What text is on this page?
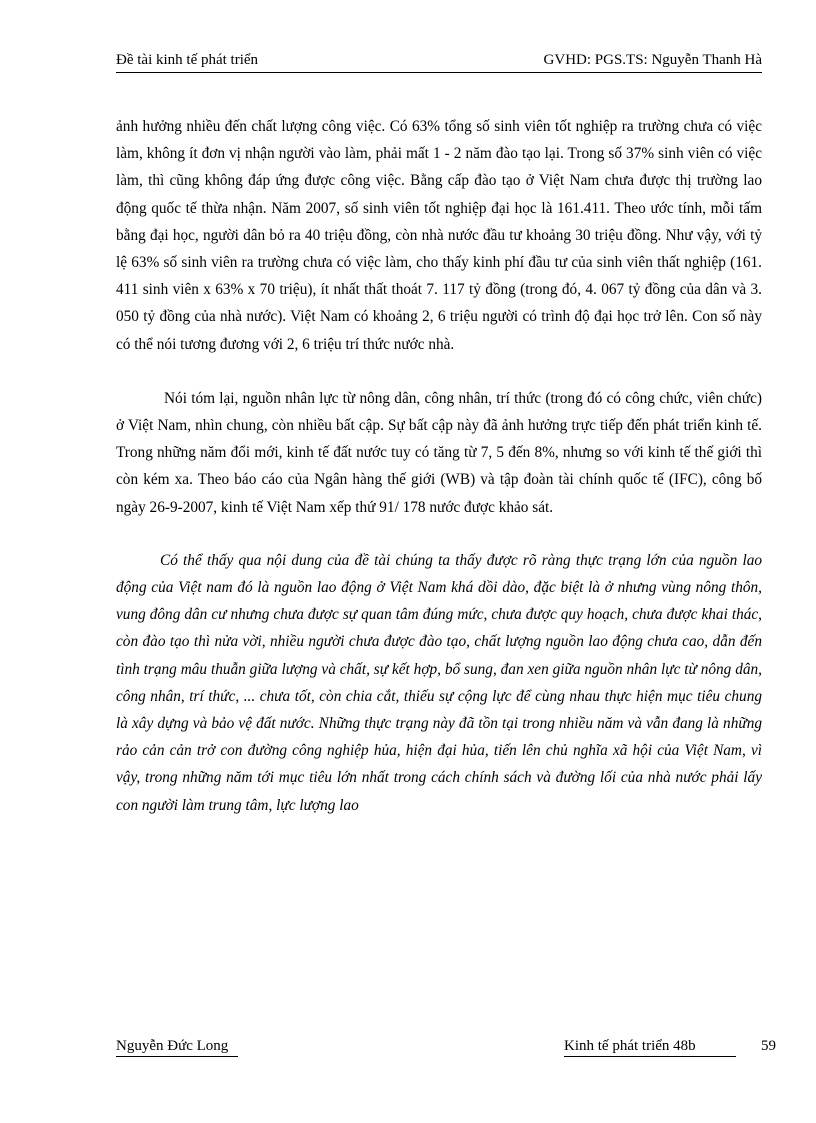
Đề tài kinh tế phát triển	GVHD: PGS.TS: Nguyễn Thanh Hà

ảnh hưởng nhiều đến chất lượng công việc. Có 63% tổng số sinh viên tốt nghiệp ra trường chưa có việc làm, không ít đơn vị nhận người vào làm, phải mất 1 - 2 năm đào tạo lại. Trong số 37% sinh viên có việc làm, thì cũng không đáp ứng được công việc. Bằng cấp đào tạo ở Việt Nam chưa được thị trường lao động quốc tế thừa nhận. Năm 2007, số sinh viên tốt nghiệp đại học là 161.411. Theo ước tính, mỗi tấm bằng đại học, người dân bỏ ra 40 triệu đồng, còn nhà nước đầu tư khoảng 30 triệu đồng. Như vậy, với tỷ lệ 63% số sinh viên ra trường chưa có việc làm, cho thấy kinh phí đầu tư của sinh viên thất nghiệp (161. 411 sinh viên x 63% x 70 triệu), ít nhất thất thoát 7. 117 tỷ đồng (trong đó, 4. 067 tỷ đồng của dân và 3. 050 tỷ đồng của nhà nước). Việt Nam có khoảng 2, 6 triệu người có trình độ đại học trở lên. Con số này có thể nói tương đương với 2, 6 triệu trí thức nước nhà.

Nói tóm lại, nguồn nhân lực từ nông dân, công nhân, trí thức (trong đó có công chức, viên chức) ở Việt Nam, nhìn chung, còn nhiều bất cập. Sự bất cập này đã ảnh hưởng trực tiếp đến phát triển kinh tế. Trong những năm đổi mới, kinh tế đất nước tuy có tăng từ 7, 5 đến 8%, nhưng so với kinh tế thế giới thì còn kém xa. Theo báo cáo của Ngân hàng thế giới (WB) và tập đoàn tài chính quốc tế (IFC), công bố ngày 26-9-2007, kinh tế Việt Nam xếp thứ 91/ 178 nước được khảo sát.

Có thể thấy qua nội dung của đề tài chúng ta thấy được rõ ràng thực trạng lớn của nguồn lao động của Việt nam đó là nguồn lao động ở Việt Nam khá dồi dào, đặc biệt là ở nhưng vùng nông thôn, vung đông dân cư nhưng chưa được sự quan tâm đúng mức, chưa được quy hoạch, chưa được khai thác, còn đào tạo thì nửa vời, nhiều người chưa được đào tạo, chất lượng nguồn lao động chưa cao, dẫn đến tình trạng mâu thuẫn giữa lượng và chất, sự kết hợp, bổ sung, đan xen giữa nguồn nhân lực từ nông dân, công nhân, trí thức, ... chưa tốt, còn chia cắt, thiếu sự cộng lực để cùng nhau thực hiện mục tiêu chung là xây dựng và bảo vệ đất nước. Những thực trạng này đã tồn tại trong nhiều năm và vẫn đang là những rảo cản cản trở con đường công nghiệp hủa, hiện đại hủa, tiến lên chủ nghĩa xã hội của Việt Nam, vì vậy, trong những năm tới mục tiêu lớn nhất trong cách chính sách và đường lối của nhà nước phải lấy con người làm trung tâm, lực lượng lao

Nguyễn Đức Long	Kinh tế phát triển 48b	59
